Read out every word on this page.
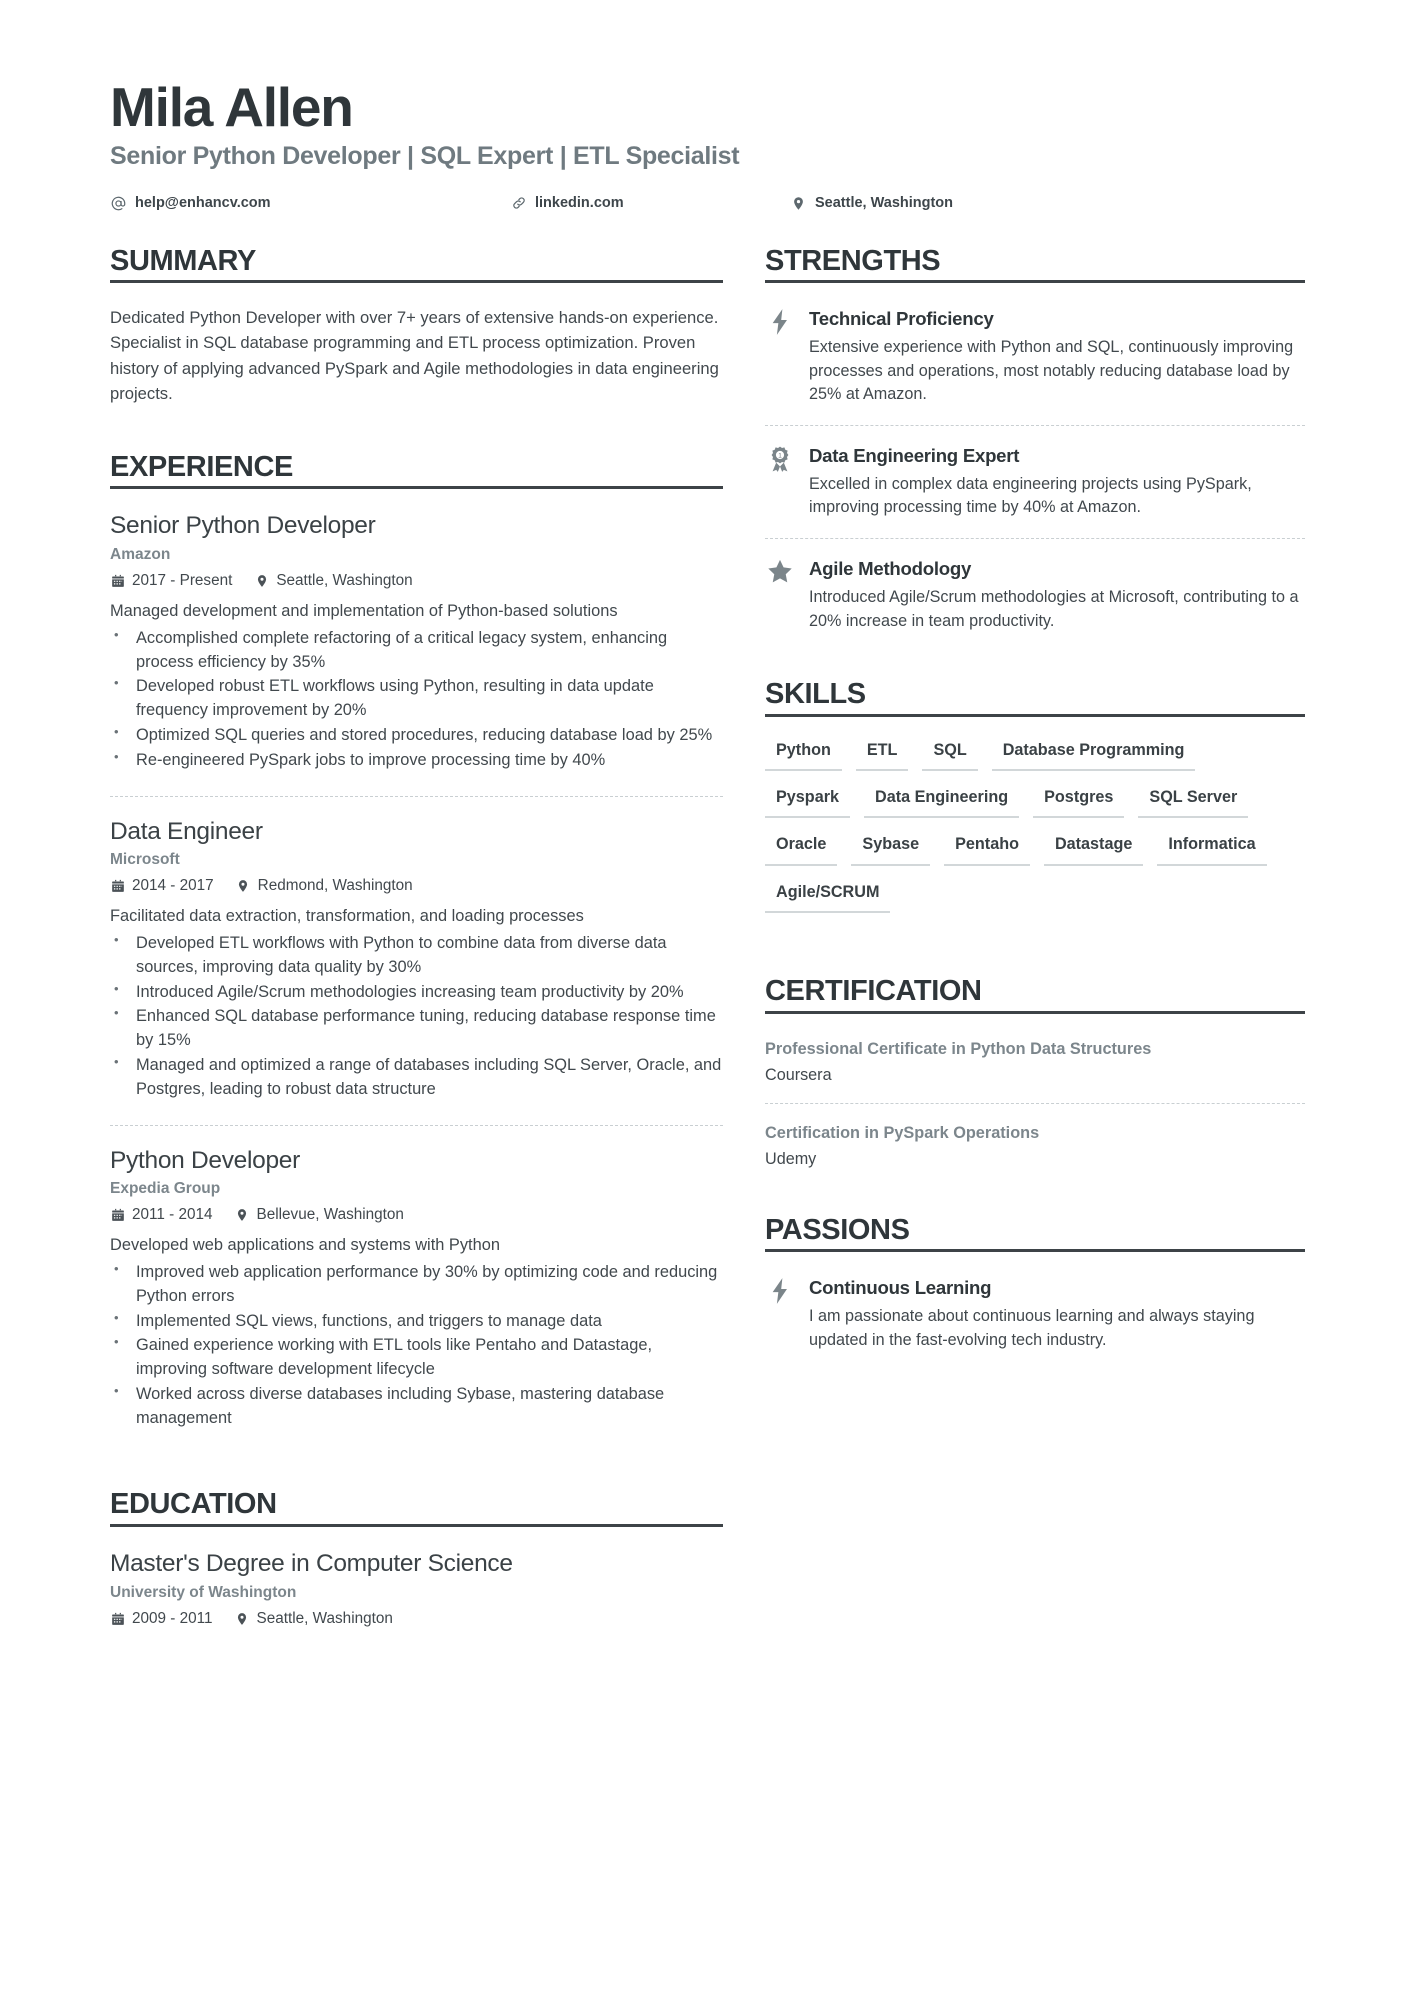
Mila Allen
Senior Python Developer | SQL Expert | ETL Specialist
help@enhancv.com	linkedin.com	Seattle, Washington
SUMMARY
Dedicated Python Developer with over 7+ years of extensive hands-on experience. Specialist in SQL database programming and ETL process optimization. Proven history of applying advanced PySpark and Agile methodologies in data engineering projects.
EXPERIENCE
Senior Python Developer
Amazon
2017 - Present	Seattle, Washington
Managed development and implementation of Python-based solutions
• Accomplished complete refactoring of a critical legacy system, enhancing process efficiency by 35%
• Developed robust ETL workflows using Python, resulting in data update frequency improvement by 20%
• Optimized SQL queries and stored procedures, reducing database load by 25%
• Re-engineered PySpark jobs to improve processing time by 40%
Data Engineer
Microsoft
2014 - 2017	Redmond, Washington
Facilitated data extraction, transformation, and loading processes
• Developed ETL workflows with Python to combine data from diverse data sources, improving data quality by 30%
• Introduced Agile/Scrum methodologies increasing team productivity by 20%
• Enhanced SQL database performance tuning, reducing database response time by 15%
• Managed and optimized a range of databases including SQL Server, Oracle, and Postgres, leading to robust data structure
Python Developer
Expedia Group
2011 - 2014	Bellevue, Washington
Developed web applications and systems with Python
• Improved web application performance by 30% by optimizing code and reducing Python errors
• Implemented SQL views, functions, and triggers to manage data
• Gained experience working with ETL tools like Pentaho and Datastage, improving software development lifecycle
• Worked across diverse databases including Sybase, mastering database management
EDUCATION
Master's Degree in Computer Science
University of Washington
2009 - 2011	Seattle, Washington
STRENGTHS
Technical Proficiency
Extensive experience with Python and SQL, continuously improving processes and operations, most notably reducing database load by 25% at Amazon.
1 Data Engineering Expert
Excelled in complex data engineering projects using PySpark, improving processing time by 40% at Amazon.
Agile Methodology
Introduced Agile/Scrum methodologies at Microsoft, contributing to a 20% increase in team productivity.
SKILLS
Python	ETL	SQL	Database Programming
Pyspark	Data Engineering	Postgres	SQL Server
Oracle	Sybase	Pentaho	Datastage	Informatica
Agile/SCRUM
CERTIFICATION
Professional Certificate in Python Data Structures
Coursera
Certification in PySpark Operations
Udemy
PASSIONS
Continuous Learning
I am passionate about continuous learning and always staying updated in the fast-evolving tech industry.
